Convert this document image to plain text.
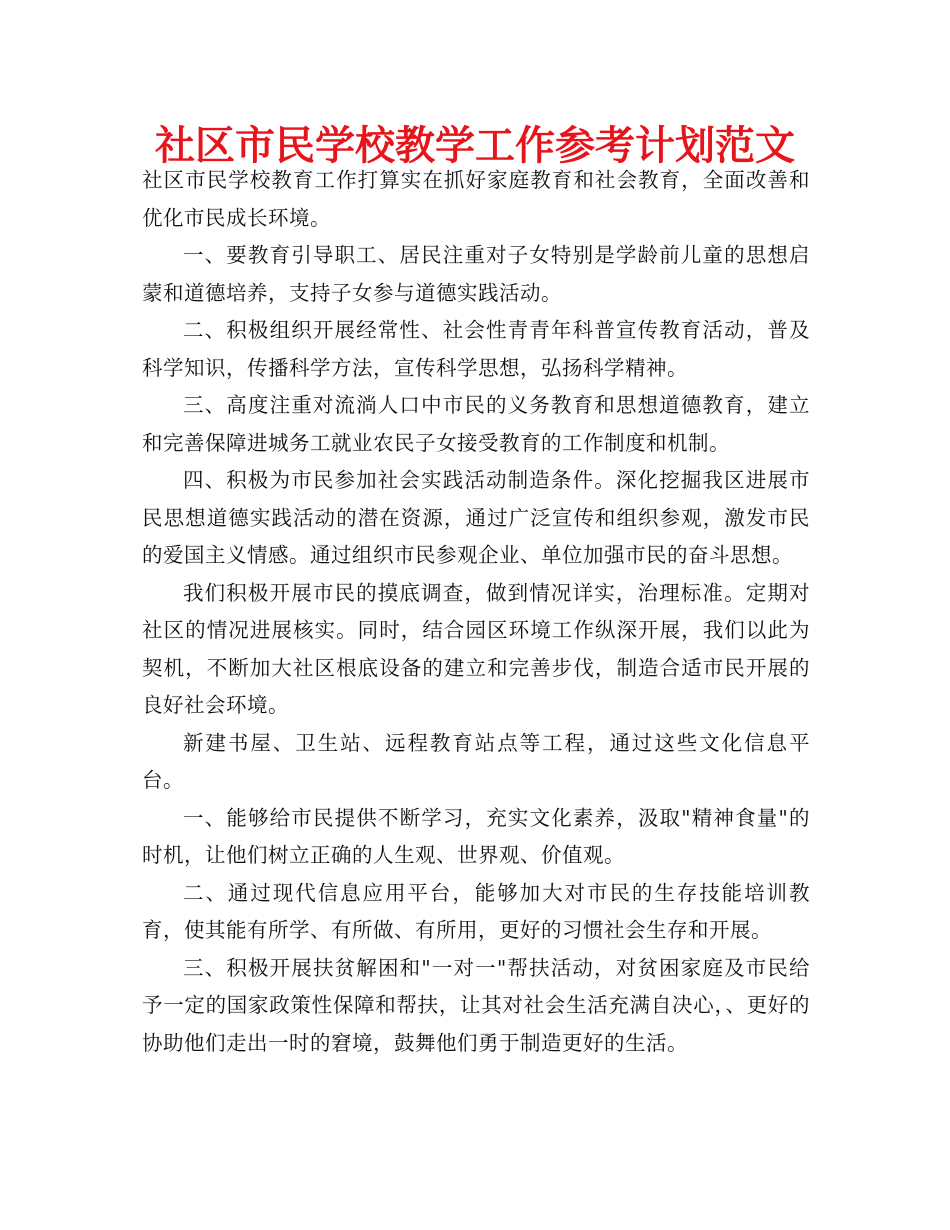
社区市民学校教学工作参考计划范文

社区市民学校教育工作打算实在抓好家庭教育和社会教育，全面改善和优化市民成长环境。

一、要教育引导职工、居民注重对子女特别是学龄前儿童的思想启蒙和道德培养，支持子女参与道德实践活动。

二、积极组织开展经常性、社会性青青年科普宣传教育活动，普及科学知识，传播科学方法，宣传科学思想，弘扬科学精神。

三、高度注重对流淌人口中市民的义务教育和思想道德教育，建立和完善保障进城务工就业农民子女接受教育的工作制度和机制。

四、积极为市民参加社会实践活动制造条件。深化挖掘我区进展市民思想道德实践活动的潜在资源，通过广泛宣传和组织参观，激发市民的爱国主义情感。通过组织市民参观企业、单位加强市民的奋斗思想。

我们积极开展市民的摸底调查，做到情况详实，治理标准。定期对社区的情况进展核实。同时，结合园区环境工作纵深开展，我们以此为契机，不断加大社区根底设备的建立和完善步伐，制造合适市民开展的良好社会环境。

新建书屋、卫生站、远程教育站点等工程，通过这些文化信息平台。

一、能够给市民提供不断学习，充实文化素养，汲取"精神食量"的时机，让他们树立正确的人生观、世界观、价值观。

二、通过现代信息应用平台，能够加大对市民的生存技能培训教育，使其能有所学、有所做、有所用，更好的习惯社会生存和开展。

三、积极开展扶贫解困和"一对一"帮扶活动，对贫困家庭及市民给予一定的国家政策性保障和帮扶，让其对社会生活充满自决心，、更好的协助他们走出一时的窘境，鼓舞他们勇于制造更好的生活。
